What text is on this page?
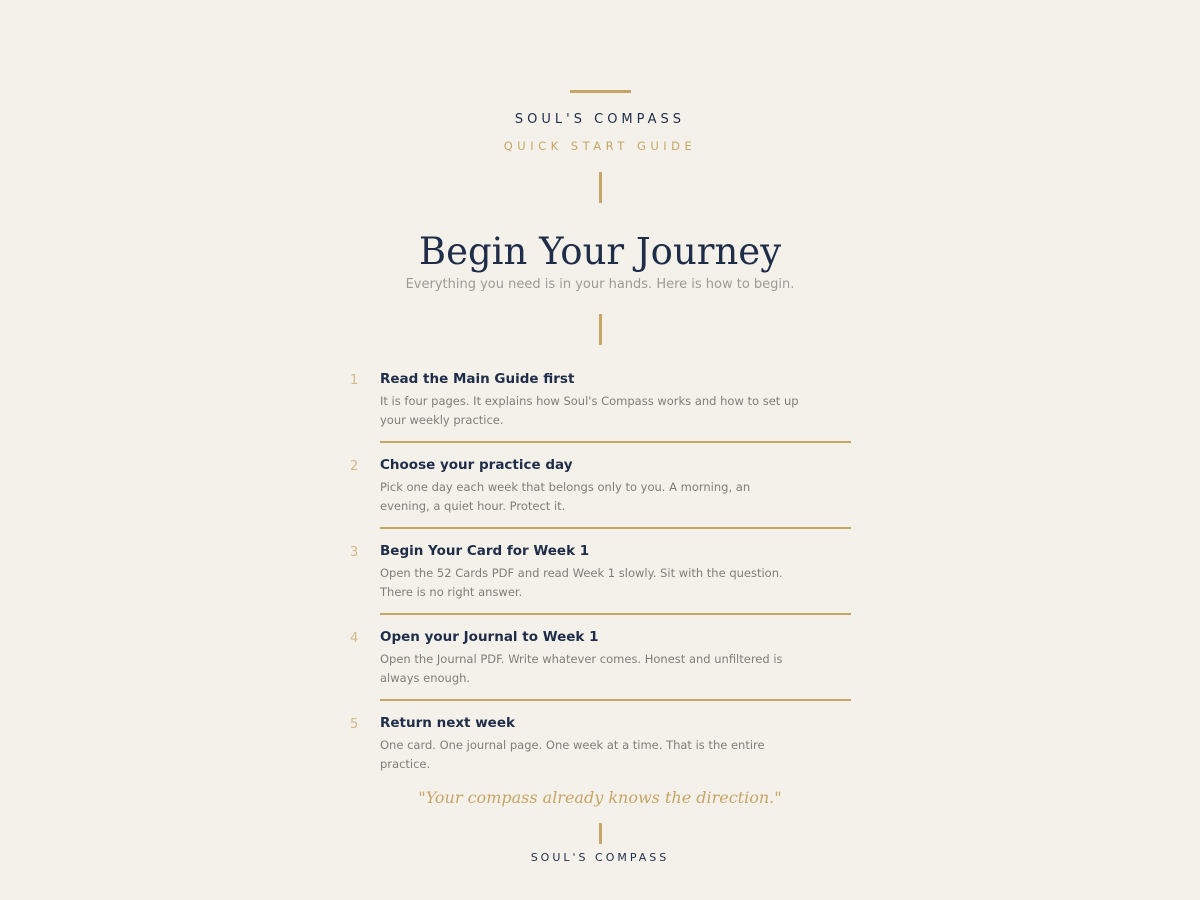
SOUL'S COMPASS
QUICK START GUIDE
Begin Your Journey
Everything you need is in your hands. Here is how to begin.
1	Read the Main Guide first
It is four pages. It explains how Soul's Compass works and how to set up your weekly practice.
2	Choose your practice day
Pick one day each week that belongs only to you. A morning, an evening, a quiet hour. Protect it.
3	Begin Your Card for Week 1
Open the 52 Cards PDF and read Week 1 slowly. Sit with the question. There is no right answer.
4	Open your Journal to Week 1
Open the Journal PDF. Write whatever comes. Honest and unfiltered is always enough.
5	Return next week
One card. One journal page. One week at a time. That is the entire practice.
"Your compass already knows the direction."
SOUL'S COMPASS
